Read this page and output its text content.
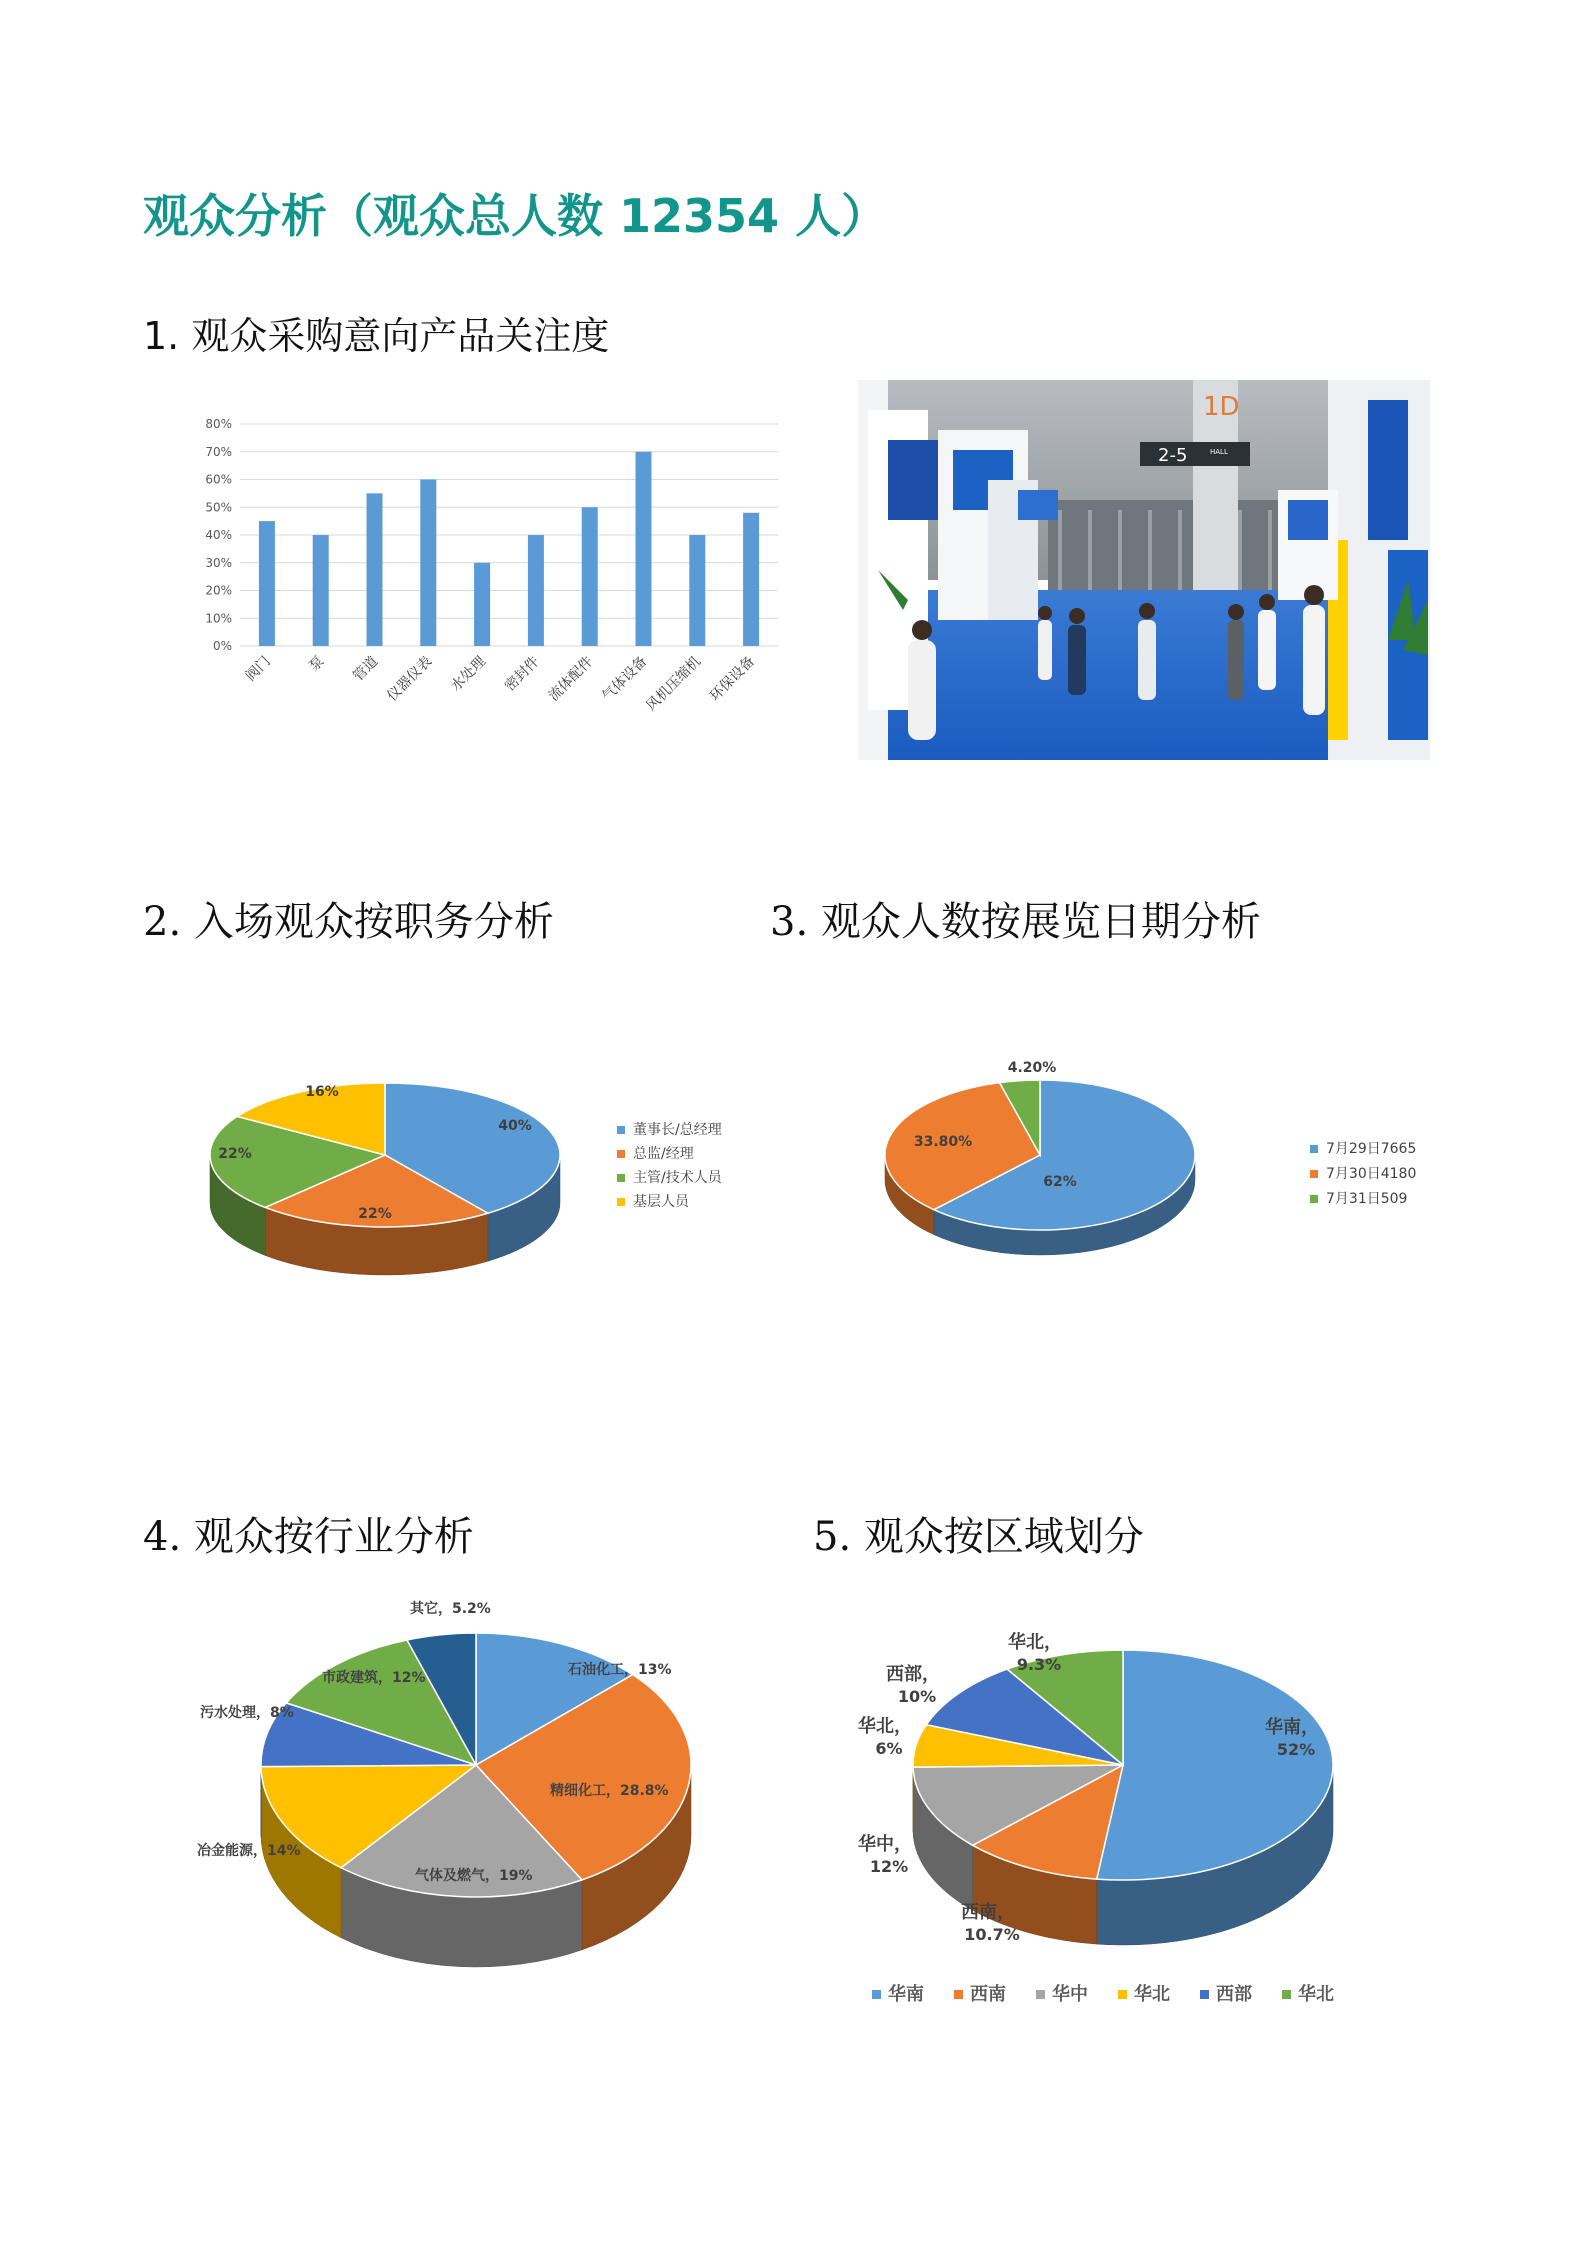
观众分析（观众总人数 12354 人）
1. 观众采购意向产品关注度
2. 入场观众按职务分析	3. 观众人数按展览日期分析
4. 观众按行业分析	5. 观众按区域划分
0%
10%
20%
30%
40%
50%
60%
70%
80%
阀门 泵 管道 仪器仪表 水处理 密封件 流体配件 气体设备
风机压缩机 环保设备
1D
2-5	HALL
40%
22%
22%
16%
董事长/总经理
总监/经理
主管/技术人员
基层人员
62%
33.80%
4.20%
7月29日7665
7月30日4180
7月31日509
石油化工，13%
精细化工，28.8%
气体及燃气，19%
冶金能源，14%
污水处理，8%
市政建筑，12%
其它，5.2%
华南，
52%
西南，
10.7%
华中，
12%
华北，
6%
西部，
10%
华北，
9.3%
华南	西南	华中	华北	西部	华北
